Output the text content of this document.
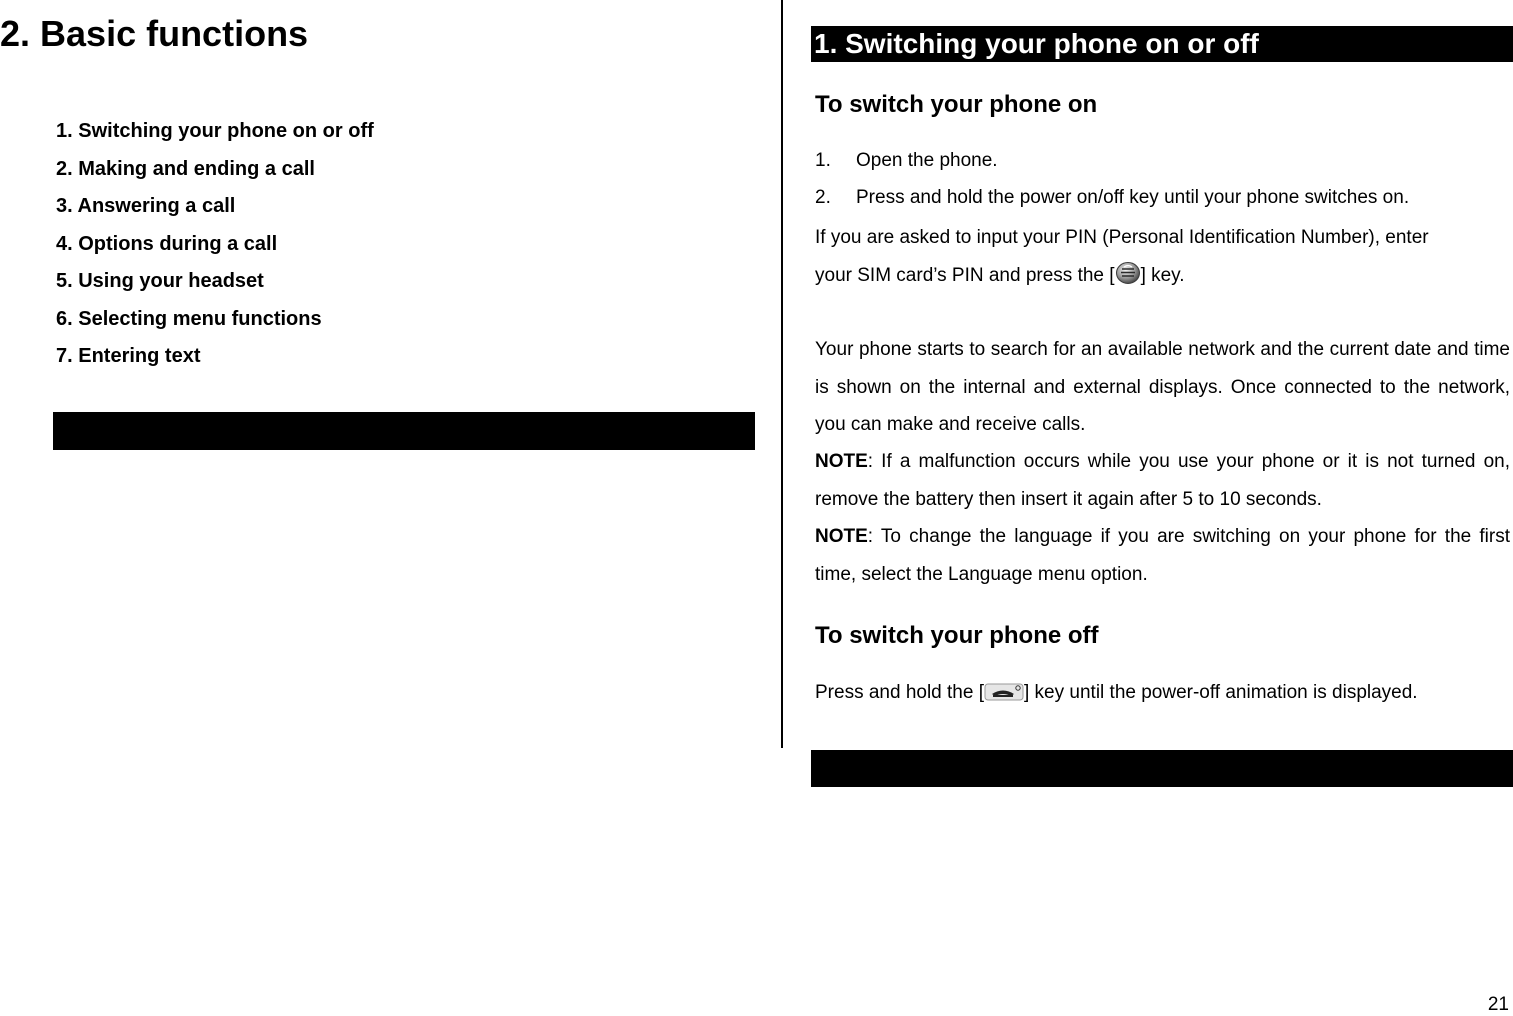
2. Basic functions
1. Switching your phone on or off
2. Making and ending a call
3. Answering a call
4. Options during a call
5. Using your headset
6. Selecting menu functions
7. Entering text
1. Switching your phone on or off
To switch your phone on
1. Open the phone.
2. Press and hold the power on/off key until your phone switches on.

If you are asked to input your PIN (Personal Identification Number), enter
your SIM card’s PIN and press the [ ] key.

Your phone starts to search for an available network and the current date and time is shown on the internal and external displays. Once connected to the network, you can make and receive calls.

NOTE: If a malfunction occurs while you use your phone or it is not turned on, remove the battery then insert it again after 5 to 10 seconds.

NOTE: To change the language if you are switching on your phone for the first time, select the Language menu option.

To switch your phone off

Press and hold the [ ] key until the power-off animation is displayed.

21
